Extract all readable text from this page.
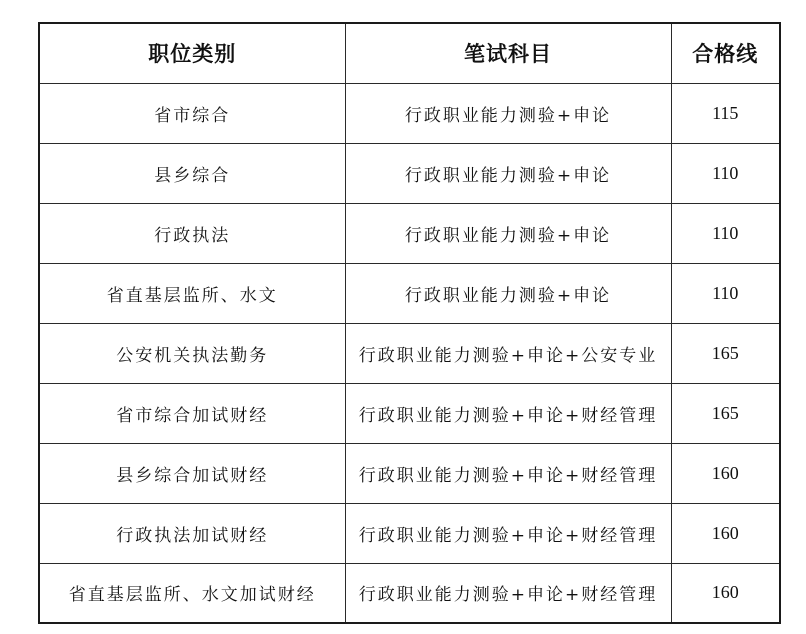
职位类别	笔试科目	合格线
省市综合	行政职业能力测验+申论	115
县乡综合	行政职业能力测验+申论	110
行政执法	行政职业能力测验+申论	110
省直基层监所、水文	行政职业能力测验+申论	110
公安机关执法勤务	行政职业能力测验+申论+公安专业	165
省市综合加试财经	行政职业能力测验+申论+财经管理	165
县乡综合加试财经	行政职业能力测验+申论+财经管理	160
行政执法加试财经	行政职业能力测验+申论+财经管理	160
省直基层监所、水文加试财经	行政职业能力测验+申论+财经管理	160
